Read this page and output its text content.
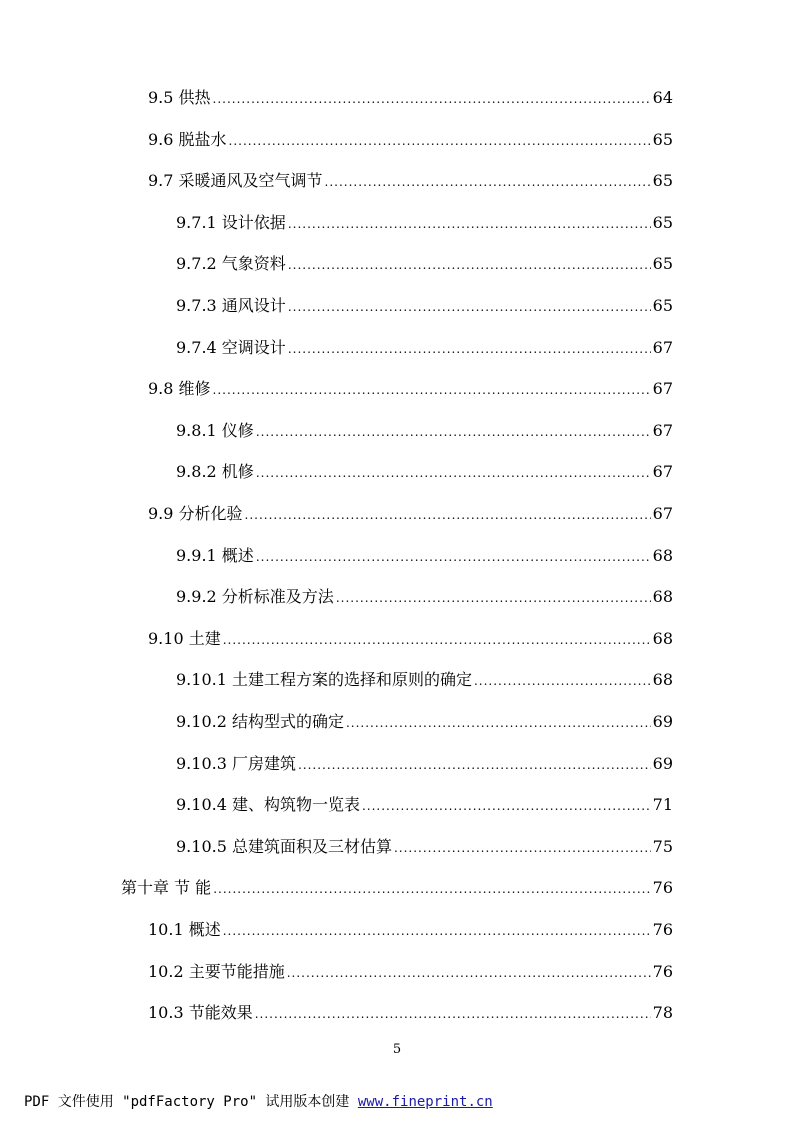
9.5 供热 .....	64
9.6 脱盐水 .....	65
9.7 采暖通风及空气调节 .....	65
9.7.1 设计依据 .....	65
9.7.2 气象资料 .....	65
9.7.3 通风设计 .....	65
9.7.4 空调设计 .....	67
9.8 维修 .....	67
9.8.1 仪修 .....	67
9.8.2 机修 .....	67
9.9 分析化验 .....	67
9.9.1 概述 .....	68
9.9.2 分析标准及方法 .....	68
9.10 土建 .....	68
9.10.1 土建工程方案的选择和原则的确定 .....	68
9.10.2 结构型式的确定 .....	69
9.10.3 厂房建筑 .....	69
9.10.4 建、构筑物一览表 .....	71
9.10.5 总建筑面积及三材估算 .....	75
第十章 节 能 .....	76
10.1 概述 .....	76
10.2 主要节能措施 .....	76
10.3 节能效果 .....	78
5
PDF 文件使用 "pdfFactory Pro" 试用版本创建 www.fineprint.cn
